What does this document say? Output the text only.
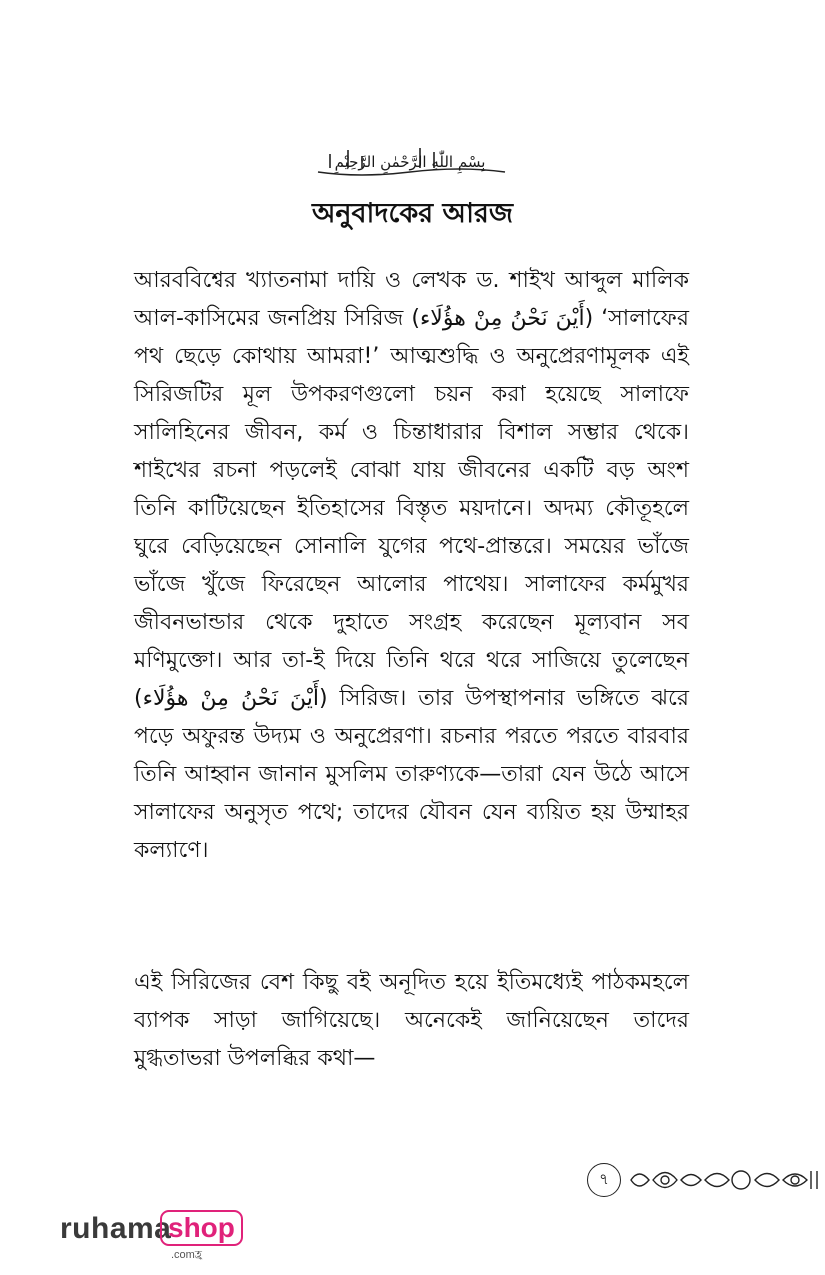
بِسْمِ اللّٰهِ الرَّحْمٰنِ الرَّحِيْمِ
অনুবাদকের আরজ

আরববিশ্বের খ্যাতনামা দায়ি ও লেখক ড. শাইখ আব্দুল মালিক আল-কাসিমের জনপ্রিয় সিরিজ (أَيْنَ نَحْنُ مِنْ هؤُلَاء) ‘সালাফের পথ ছেড়ে কোথায় আমরা!’ আত্মশুদ্ধি ও অনুপ্রেরণামূলক এই সিরিজটির মূল উপকরণগুলো চয়ন করা হয়েছে সালাফে সালিহিনের জীবন, কর্ম ও চিন্তাধারার বিশাল সম্ভার থেকে। শাইখের রচনা পড়লেই বোঝা যায় জীবনের একটি বড় অংশ তিনি কাটিয়েছেন ইতিহাসের বিস্তৃত ময়দানে। অদম্য কৌতূহলে ঘুরে বেড়িয়েছেন সোনালি যুগের পথে-প্রান্তরে। সময়ের ভাঁজে ভাঁজে খুঁজে ফিরেছেন আলোর পাথেয়। সালাফের কর্মমুখর জীবনভান্ডার থেকে দুহাতে সংগ্রহ করেছেন মূল্যবান সব মণিমুক্তো। আর তা-ই দিয়ে তিনি থরে থরে সাজিয়ে তুলেছেন (أَيْنَ نَحْنُ مِنْ هؤُلَاء) সিরিজ। তার উপস্থাপনার ভঙ্গিতে ঝরে পড়ে অফুরন্ত উদ্যম ও অনুপ্রেরণা। রচনার পরতে পরতে বারবার তিনি আহ্বান জানান মুসলিম তারুণ্যকে—তারা যেন উঠে আসে সালাফের অনুসৃত পথে; তাদের যৌবন যেন ব্যয়িত হয় উম্মাহর কল্যাণে।

এই সিরিজের বেশ কিছু বই অনূদিত হয়ে ইতিমধ্যেই পাঠকমহলে ব্যাপক সাড়া জাগিয়েছে। অনেকেই জানিয়েছেন তাদের মুগ্ধতাভরা উপলব্ধির কথা—

৭
ruhama
shop
.comহ্র
